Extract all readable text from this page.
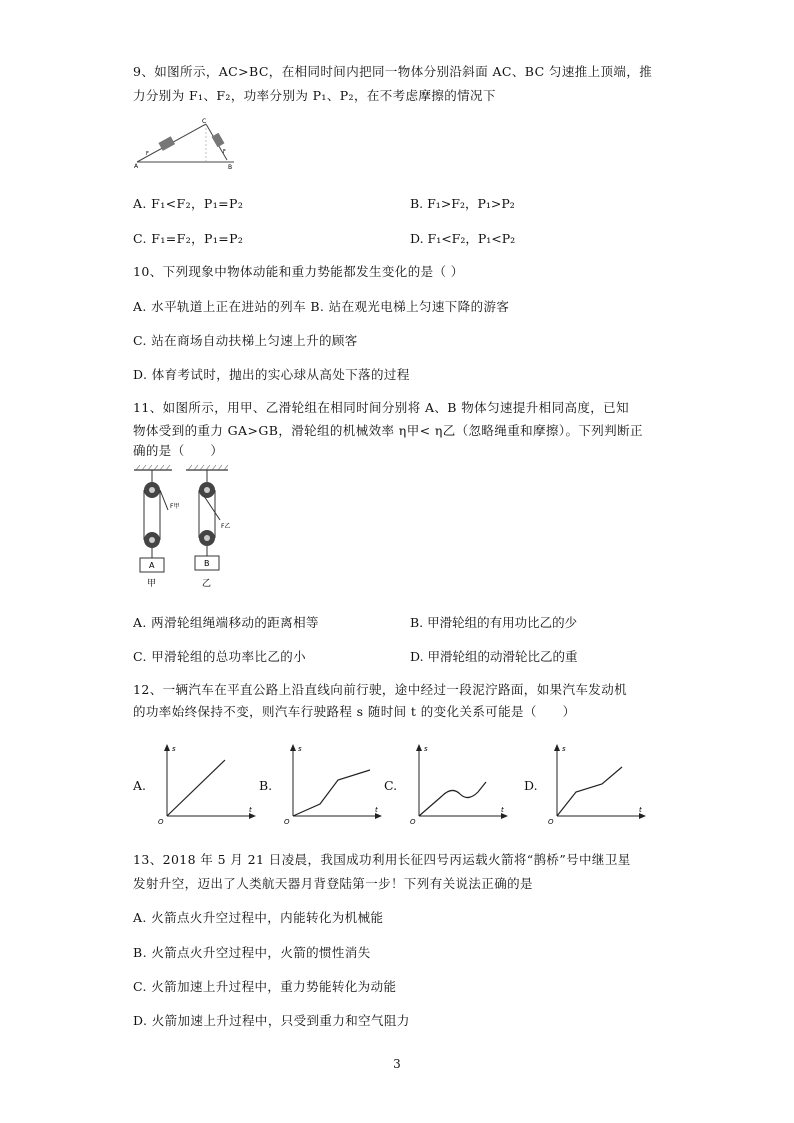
9、如图所示，AC>BC，在相同时间内把同一物体分别沿斜面 AC、BC 匀速推上顶端，推
力分别为 F₁、F₂，功率分别为 P₁、P₂，在不考虑摩擦的情况下
A	B
C
F	F
A. F₁<F₂，P₁=P₂	B. F₁>F₂，P₁>P₂
C. F₁=F₂，P₁=P₂	D. F₁<F₂，P₁<P₂
10、下列现象中物体动能和重力势能都发生变化的是（ ）
A. 水平轨道上正在进站的列车 B. 站在观光电梯上匀速下降的游客
C. 站在商场自动扶梯上匀速上升的顾客
D. 体育考试时，抛出的实心球从高处下落的过程
11、如图所示，用甲、乙滑轮组在相同时间分别将 A、B 物体匀速提升相同高度，已知
物体受到的重力 GA>GB，滑轮组的机械效率 η甲< η乙（忽略绳重和摩擦）。下列判断正
确的是（　　）
F甲
F乙
A	B
甲	乙
A. 两滑轮组绳端移动的距离相等	B. 甲滑轮组的有用功比乙的少
C. 甲滑轮组的总功率比乙的小	D. 甲滑轮组的动滑轮比乙的重
12、一辆汽车在平直公路上沿直线向前行驶，途中经过一段泥泞路面，如果汽车发动机
的功率始终保持不变，则汽车行驶路程 s 随时间 t 的变化关系可能是（　　）
A.
s
t
O
B.
s
t
O
C.
s
t
O
D.
s
t
O
13、2018 年 5 月 21 日凌晨，我国成功利用长征四号丙运载火箭将“鹊桥”号中继卫星
发射升空，迈出了人类航天器月背登陆第一步！下列有关说法正确的是
A. 火箭点火升空过程中，内能转化为机械能
B. 火箭点火升空过程中，火箭的惯性消失
C. 火箭加速上升过程中，重力势能转化为动能
D. 火箭加速上升过程中，只受到重力和空气阻力
3
